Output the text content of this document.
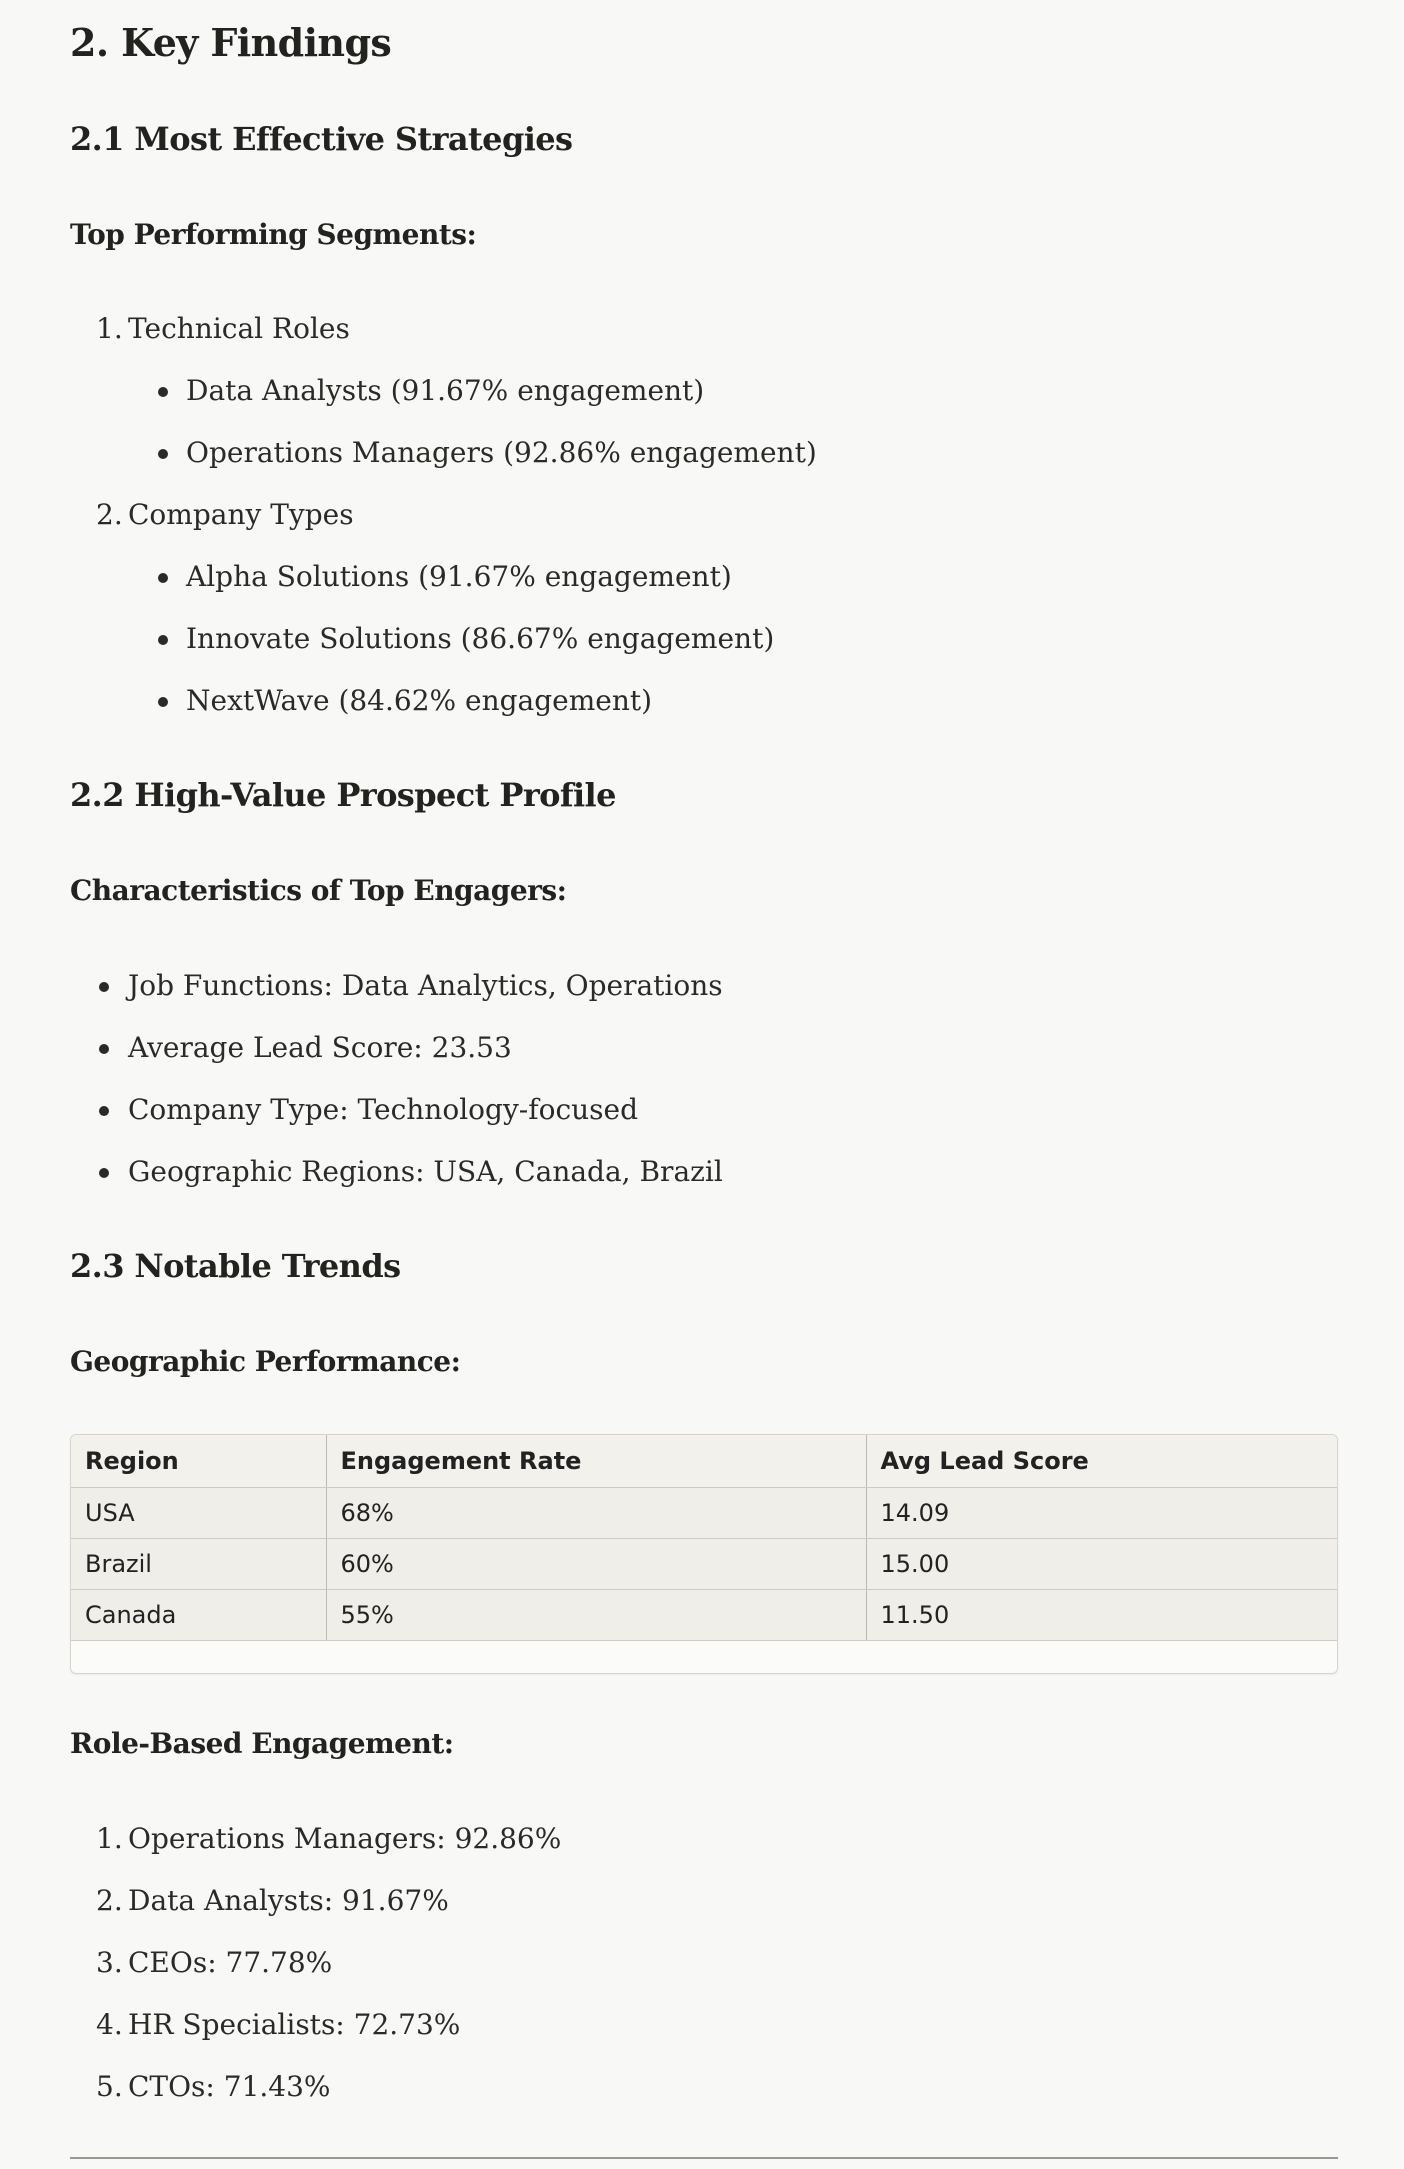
2. Key Findings
2.1 Most Effective Strategies
Top Performing Segments:
1. Technical Roles
Data Analysts (91.67% engagement)
Operations Managers (92.86% engagement)
2. Company Types
Alpha Solutions (91.67% engagement)
Innovate Solutions (86.67% engagement)
NextWave (84.62% engagement)
2.2 High-Value Prospect Profile
Characteristics of Top Engagers:
Job Functions: Data Analytics, Operations
Average Lead Score: 23.53
Company Type: Technology-focused
Geographic Regions: USA, Canada, Brazil
2.3 Notable Trends
Geographic Performance:
Region	Engagement Rate	Avg Lead Score
USA	68%	14.09
Brazil	60%	15.00
Canada	55%	11.50
Role-Based Engagement:
1. Operations Managers: 92.86%
2. Data Analysts: 91.67%
3. CEOs: 77.78%
4. HR Specialists: 72.73%
5. CTOs: 71.43%
